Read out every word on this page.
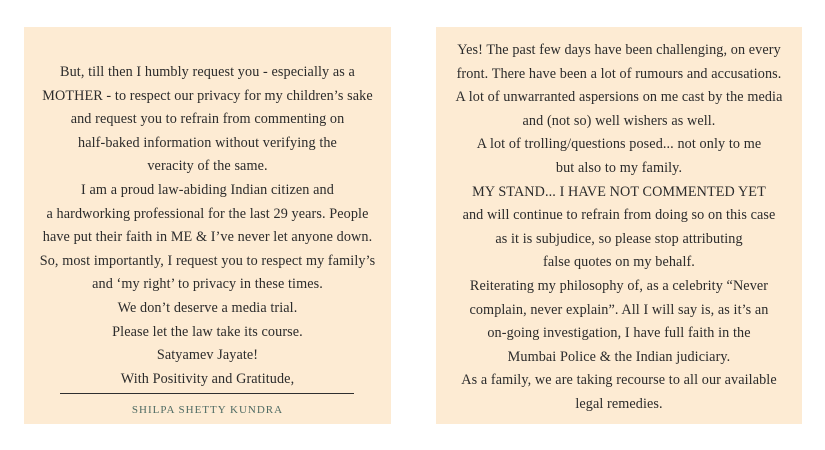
But, till then I humbly request you - especially as a
MOTHER - to respect our privacy for my children’s sake
and request you to refrain from commenting on
half-baked information without verifying the
veracity of the same.
I am a proud law-abiding Indian citizen and
a hardworking professional for the last 29 years. People
have put their faith in ME & I’ve never let anyone down.
So, most importantly, I request you to respect my family’s
and ‘my right’ to privacy in these times.
We don’t deserve a media trial.
Please let the law take its course.
Satyamev Jayate!
With Positivity and Gratitude,
SHILPA SHETTY KUNDRA
Yes! The past few days have been challenging, on every
front. There have been a lot of rumours and accusations.
A lot of unwarranted aspersions on me cast by the media
and (not so) well wishers as well.
A lot of trolling/questions posed... not only to me
but also to my family.
MY STAND... I HAVE NOT COMMENTED YET
and will continue to refrain from doing so on this case
as it is subjudice, so please stop attributing
false quotes on my behalf.
Reiterating my philosophy of, as a celebrity “Never
complain, never explain”. All I will say is, as it’s an
on-going investigation, I have full faith in the
Mumbai Police & the Indian judiciary.
As a family, we are taking recourse to all our available
legal remedies.
